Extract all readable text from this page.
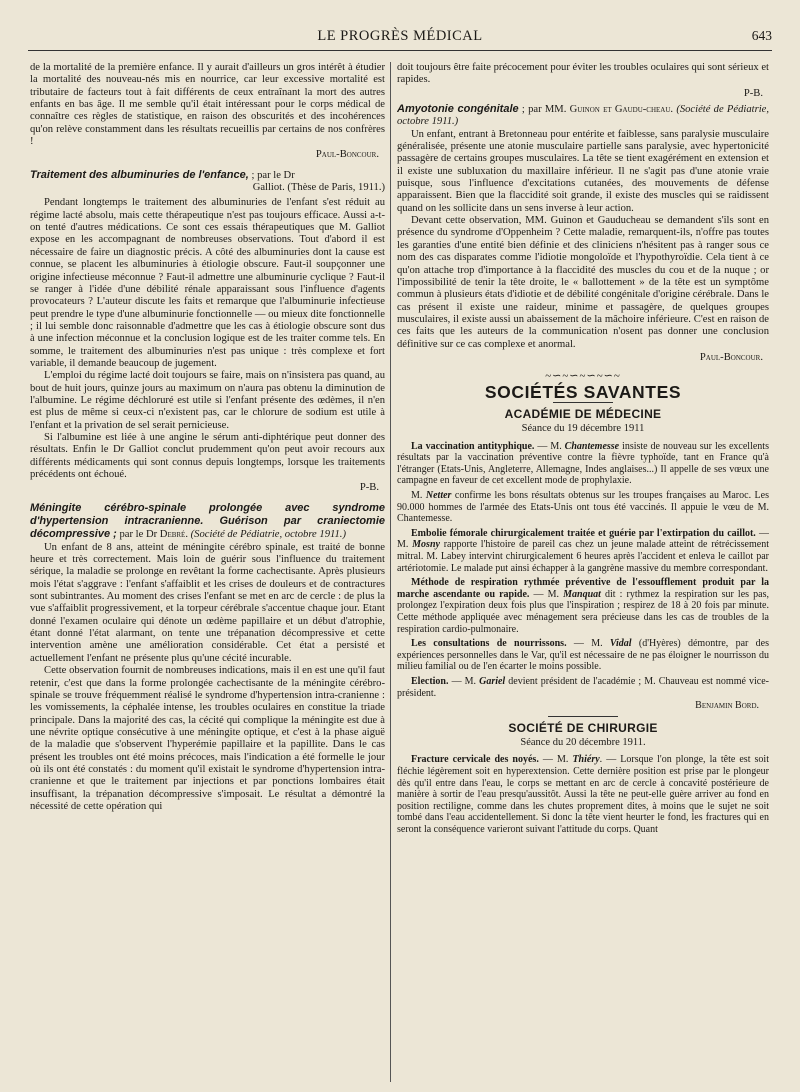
LE PROGRÈS MÉDICAL	643

de la mortalité de la première enfance. Il y aurait d'ailleurs un gros intérêt à étudier la mortalité des nouveau-nés mis en nourrice, car leur excessive mortalité est tributaire de facteurs tout à fait différents de ceux entraînant la mort des autres enfants en bas âge. Il me semble qu'il était intéressant pour le corps médical de connaître ces règles de statistique, en raison des obscurités et des incohérences qu'on relève constamment dans les résultats recueillis par certains de nos confrères !

Paul-Boncour.

Traitement des albuminuries de l'enfance, ; par le Dr

Galliot. (Thèse de Paris, 1911.)

Pendant longtemps le traitement des albuminuries de l'enfant s'est réduit au régime lacté absolu, mais cette thérapeutique n'est pas toujours efficace. Aussi a-t-on tenté d'autres médications. Ce sont ces essais thérapeutiques que M. Galliot expose en les accompagnant de nombreuses observations. Tout d'abord il est nécessaire de faire un diagnostic précis. A côté des albuminuries dont la cause est connue, se placent les albuminuries à étiologie obscure. Faut-il soupçonner une origine infectieuse méconnue ? Faut-il admettre une albuminurie cyclique ? Faut-il se ranger à l'idée d'une débilité rénale apparaissant sous l'influence d'agents provocateurs ? L'auteur discute les faits et remarque que l'albuminurie infectieuse peut prendre le type d'une albuminurie fonctionnelle — ou mieux dite fonctionnelle ; il lui semble donc raisonnable d'admettre que les cas à étiologie obscure sont dus à une infection méconnue et la conclusion logique est de les traiter comme tels. En somme, le traitement des albuminuries n'est pas unique : très complexe et fort variable, il demande beaucoup de jugement.

L'emploi du régime lacté doit toujours se faire, mais on n'insistera pas quand, au bout de huit jours, quinze jours au maximum on n'aura pas obtenu la diminution de l'albumine. Le régime déchloruré est utile si l'enfant présente des œdèmes, il n'en est plus de même si ceux-ci n'existent pas, car le chlorure de sodium est utile à l'enfant et la privation de sel serait pernicieuse.

Si l'albumine est liée à une angine le sérum anti-diphtérique peut donner des résultats. Enfin le Dr Galliot conclut prudemment qu'on peut avoir recours aux différents médicaments qui sont connus depuis longtemps, lorsque les traitements précédents ont échoué.

P-B.

Méningite cérébro-spinale prolongée avec syndrome d'hypertension intracranienne. Guérison par craniectomie décompressive ; par le Dr Debré. (Société de Pédiatrie, octobre 1911.)

Un enfant de 8 ans, atteint de méningite cérébro spinale, est traité de bonne heure et très correctement. Mais loin de guérir sous l'influence du traitement sérique, la maladie se prolonge en revêtant la forme cachectisante. Après plusieurs mois l'état s'aggrave : l'enfant s'affaiblit et les crises de douleurs et de contractures sont subintrantes. Au moment des crises l'enfant se met en arc de cercle : de plus la vue s'affaiblit progressivement, et la torpeur cérébrale s'accentue chaque jour. Etant donné l'examen oculaire qui dénote un œdème papillaire et un début d'atrophie, étant donné l'état alarmant, on tente une trépanation décompressive et cette intervention amène une amélioration considérable. Cet état a persisté et actuellement l'enfant ne présente plus qu'une cécité incurable.

Cette observation fournit de nombreuses indications, mais il en est une qu'il faut retenir, c'est que dans la forme prolongée cachectisante de la méningite cérébro-spinale se trouve fréquemment réalisé le syndrome d'hypertension intra-cranienne : les vomissements, la céphalée intense, les troubles oculaires en constitue la triade principale. Dans la majorité des cas, la cécité qui complique la méningite est due à une névrite optique consécutive à une méningite optique, et c'est à la phase aiguë de la maladie que s'observent l'hyperémie papillaire et la papillite. Dans le cas présent les troubles ont été moins précoces, mais l'indication a été formelle le jour où ils ont été constatés : du moment qu'il existait le syndrome d'hypertension intra-cranienne et que le traitement par injections et par ponctions lombaires était insuffisant, la trépanation décompressive s'imposait. Le résultat a démontré la nécessité de cette opération qui

doit toujours être faite précocement pour éviter les troubles oculaires qui sont sérieux et rapides.

P-B.

Amyotonie congénitale ; par MM. Guinon et Gaudu-cheau. (Société de Pédiatrie, octobre 1911.)

Un enfant, entrant à Bretonneau pour entérite et faiblesse, sans paralysie musculaire généralisée, présente une atonie musculaire partielle sans paralysie, avec hypertonicité passagère de certains groupes musculaires. La tête se tient exagérément en extension et il existe une subluxation du maxillaire inférieur. Il ne s'agit pas d'une atonie vraie puisque, sous l'influence d'excitations cutanées, des mouvements de défense apparaissent. Bien que la flaccidité soit grande, il existe des muscles qui se raidissent quand on les sollicite dans un sens inverse à leur action.

Devant cette observation, MM. Guinon et Gauducheau se demandent s'ils sont en présence du syndrome d'Oppenheim ? Cette maladie, remarquent-ils, n'offre pas toutes les garanties d'une entité bien définie et des cliniciens n'hésitent pas à ranger sous ce nom des cas disparates comme l'idiotie mongoloïde et l'hypothyroïdie. Cela tient à ce qu'on attache trop d'importance à la flaccidité des muscles du cou et de la nuque ; or l'impossibilité de tenir la tête droite, le « ballottement » de la tête est un symptôme commun à plusieurs états d'idiotie et de débilité congénitale d'origine cérébrale. Dans le cas présent il existe une raideur, minime et passagère, de quelques groupes musculaires, il existe aussi un abaissement de la mâchoire inférieure. C'est en raison de ces faits que les auteurs de la communication n'osent pas donner une conclusion définitive sur ce cas complexe et anormal.

Paul-Boncour.
~∽~∽~∽~∽~
SOCIÉTÉS SAVANTES
ACADÉMIE DE MÉDECINE
Séance du 19 décembre 1911

La vaccination antityphique. — M. Chantemesse insiste de nouveau sur les excellents résultats par la vaccination préventive contre la fièvre typhoïde, tant en France qu'à l'étranger (Etats-Unis, Angleterre, Allemagne, Indes anglaises...) Il appelle de ses vœux une campagne en faveur de cet excellent mode de prophylaxie.

M. Netter confirme les bons résultats obtenus sur les troupes françaises au Maroc. Les 90.000 hommes de l'armée des Etats-Unis ont tous été vaccinés. Il appuie le vœu de M. Chantemesse.

Embolie fémorale chirurgicalement traitée et guérie par l'extirpation du caillot. — M. Mosny rapporte l'histoire de pareil cas chez un jeune malade atteint de rétrécissement mitral. M. Labey intervint chirurgicalement 6 heures après l'accident et enleva le caillot par artériotomie. Le malade put ainsi échapper à la gangrène massive du membre correspondant.

Méthode de respiration rythmée préventive de l'essoufflement produit par la marche ascendante ou rapide. — M. Manquat dit : rythmez la respiration sur les pas, prolongez l'expiration deux fois plus que l'inspiration ; respirez de 18 à 20 fois par minute. Cette méthode appliquée avec ménagement sera précieuse dans les cas de troubles de la respiration cardio-pulmonaire.

Les consultations de nourrissons. — M. Vidal (d'Hyères) démontre, par des expériences personnelles dans le Var, qu'il est nécessaire de ne pas éloigner le nourrisson du milieu familial ou de l'en écarter le moins possible.

Election. — M. Gariel devient président de l'académie ; M. Chauveau est nommé vice-président.

Benjamin Bord.
SOCIÉTÉ DE CHIRURGIE
Séance du 20 décembre 1911.

Fracture cervicale des noyés. — M. Thiéry. — Lorsque l'on plonge, la tête est soit fléchie légèrement soit en hyperextension. Cette dernière position est prise par le plongeur dès qu'il entre dans l'eau, le corps se mettant en arc de cercle à concavité postérieure de manière à sortir de l'eau presqu'aussitôt. Aussi la tête ne peut-elle guère arriver au fond en position rectiligne, comme dans les chutes proprement dites, à moins que le sujet ne soit tombé dans l'eau accidentellement. Si donc la tête vient heurter le fond, les fractures qui en seront la conséquence varieront suivant l'attitude du corps. Quant
